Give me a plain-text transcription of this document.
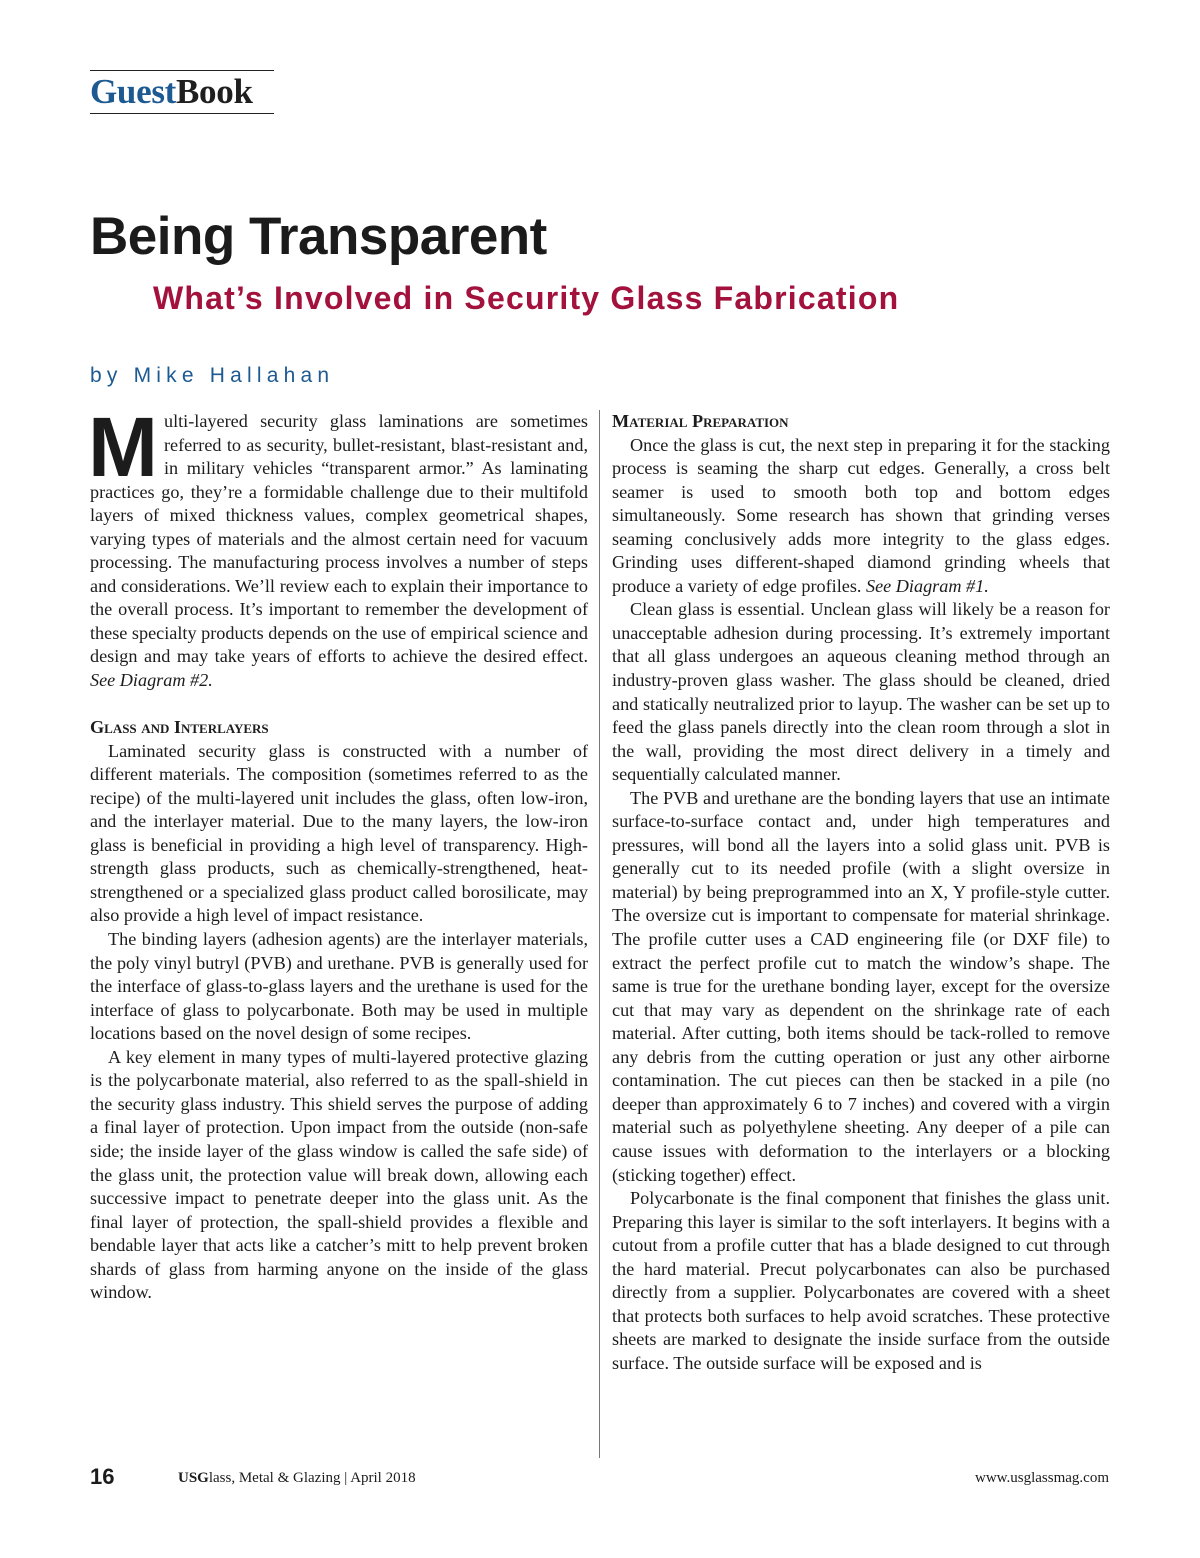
GuestBook
Being Transparent
What’s Involved in Security Glass Fabrication
by Mike Hallahan

Multi-layered security glass laminations are sometimes referred to as security, bullet-resistant, blast-resistant and, in military vehicles “transparent armor.” As laminating practices go, they’re a formidable challenge due to their multifold layers of mixed thickness values, complex geometrical shapes, varying types of materials and the almost certain need for vacuum processing. The manufacturing process involves a number of steps and considerations. We’ll review each to explain their importance to the overall process. It’s important to remember the development of these specialty products depends on the use of empirical science and design and may take years of efforts to achieve the desired effect. See Diagram #2.

Glass and Interlayers

Laminated security glass is constructed with a number of different materials. The composition (sometimes referred to as the recipe) of the multi-layered unit includes the glass, often low-iron, and the interlayer material. Due to the many layers, the low-iron glass is beneficial in providing a high level of transparency. High-strength glass products, such as chemically-strengthened, heat-strengthened or a specialized glass product called borosilicate, may also provide a high level of impact resistance.

The binding layers (adhesion agents) are the interlayer materials, the poly vinyl butryl (PVB) and urethane. PVB is generally used for the interface of glass-to-glass layers and the urethane is used for the interface of glass to polycarbonate. Both may be used in multiple locations based on the novel design of some recipes.

A key element in many types of multi-layered protective glazing is the polycarbonate material, also referred to as the spall-shield in the security glass industry. This shield serves the purpose of adding a final layer of protection. Upon impact from the outside (non-safe side; the inside layer of the glass window is called the safe side) of the glass unit, the protection value will break down, allowing each successive impact to penetrate deeper into the glass unit. As the final layer of protection, the spall-shield provides a flexible and bendable layer that acts like a catcher’s mitt to help prevent broken shards of glass from harming anyone on the inside of the glass window.

Material Preparation

Once the glass is cut, the next step in preparing it for the stacking process is seaming the sharp cut edges. Generally, a cross belt seamer is used to smooth both top and bottom edges simultaneously. Some research has shown that grinding verses seaming conclusively adds more integrity to the glass edges. Grinding uses different-shaped diamond grinding wheels that produce a variety of edge profiles. See Diagram #1.

Clean glass is essential. Unclean glass will likely be a reason for unacceptable adhesion during processing. It’s extremely important that all glass undergoes an aqueous cleaning method through an industry-proven glass washer. The glass should be cleaned, dried and statically neutralized prior to layup. The washer can be set up to feed the glass panels directly into the clean room through a slot in the wall, providing the most direct delivery in a timely and sequentially calculated manner.

The PVB and urethane are the bonding layers that use an intimate surface-to-surface contact and, under high temperatures and pressures, will bond all the layers into a solid glass unit. PVB is generally cut to its needed profile (with a slight oversize in material) by being preprogrammed into an X, Y profile-style cutter. The oversize cut is important to compensate for material shrinkage. The profile cutter uses a CAD engineering file (or DXF file) to extract the perfect profile cut to match the window’s shape. The same is true for the urethane bonding layer, except for the oversize cut that may vary as dependent on the shrinkage rate of each material. After cutting, both items should be tack-rolled to remove any debris from the cutting operation or just any other airborne contamination. The cut pieces can then be stacked in a pile (no deeper than approximately 6 to 7 inches) and covered with a virgin material such as polyethylene sheeting. Any deeper of a pile can cause issues with deformation to the interlayers or a blocking (sticking together) effect.

Polycarbonate is the final component that finishes the glass unit. Preparing this layer is similar to the soft interlayers. It begins with a cutout from a profile cutter that has a blade designed to cut through the hard material. Precut polycarbonates can also be purchased directly from a supplier. Polycarbonates are covered with a sheet that protects both surfaces to help avoid scratches. These protective sheets are marked to designate the inside surface from the outside surface. The outside surface will be exposed and is

16	USGlass, Metal & Glazing | April 2018	www.usglassmag.com
